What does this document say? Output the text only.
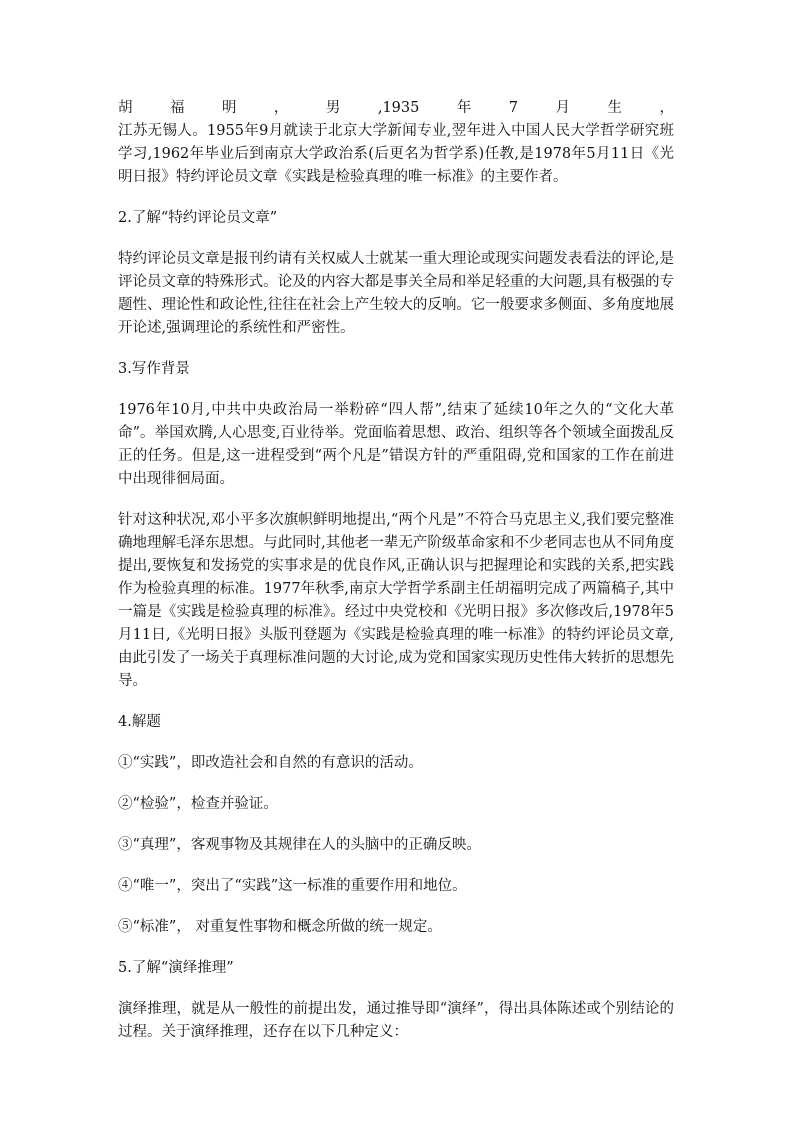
胡	福	明	，	男	,1935	年	7	月	生	，

江苏无锡人。1955年9月就读于北京大学新闻专业,翌年进入中国人民大学哲学研究班学习,1962年毕业后到南京大学政治系(后更名为哲学系)任教,是1978年5月11日《光明日报》特约评论员文章《实践是检验真理的唯一标准》的主要作者。

2.了解“特约评论员文章”

特约评论员文章是报刊约请有关权威人士就某一重大理论或现实问题发表看法的评论,是评论员文章的特殊形式。论及的内容大都是事关全局和举足轻重的大问题,具有极强的专题性、理论性和政论性,往往在社会上产生较大的反响。它一般要求多侧面、多角度地展开论述,强调理论的系统性和严密性。

3.写作背景

1976年10月,中共中央政治局一举粉碎“四人帮”,结束了延续10年之久的“文化大革命”。举国欢腾,人心思变,百业待举。党面临着思想、政治、组织等各个领域全面拨乱反正的任务。但是,这一进程受到“两个凡是”错误方针的严重阻碍,党和国家的工作在前进中出现徘徊局面。

针对这种状况,邓小平多次旗帜鲜明地提出,“两个凡是”不符合马克思主义,我们要完整准确地理解毛泽东思想。与此同时,其他老一辈无产阶级革命家和不少老同志也从不同角度提出,要恢复和发扬党的实事求是的优良作风,正确认识与把握理论和实践的关系,把实践作为检验真理的标准。1977年秋季,南京大学哲学系副主任胡福明完成了两篇稿子,其中一篇是《实践是检验真理的标准》。经过中央党校和《光明日报》多次修改后,1978年5月11日,《光明日报》头版刊登题为《实践是检验真理的唯一标准》的特约评论员文章,由此引发了一场关于真理标准问题的大讨论,成为党和国家实现历史性伟大转折的思想先导。

4.解题

①“实践”，即改造社会和自然的有意识的活动。

②“检验”，检查并验证。

③“真理”，客观事物及其规律在人的头脑中的正确反映。

④“唯一”，突出了“实践”这一标准的重要作用和地位。

⑤“标准”， 对重复性事物和概念所做的统一规定。

5.了解“演绎推理”

演绎推理，就是从一般性的前提出发，通过推导即“演绎”，得出具体陈述或个别结论的过程。关于演绎推理，还存在以下几种定义：
